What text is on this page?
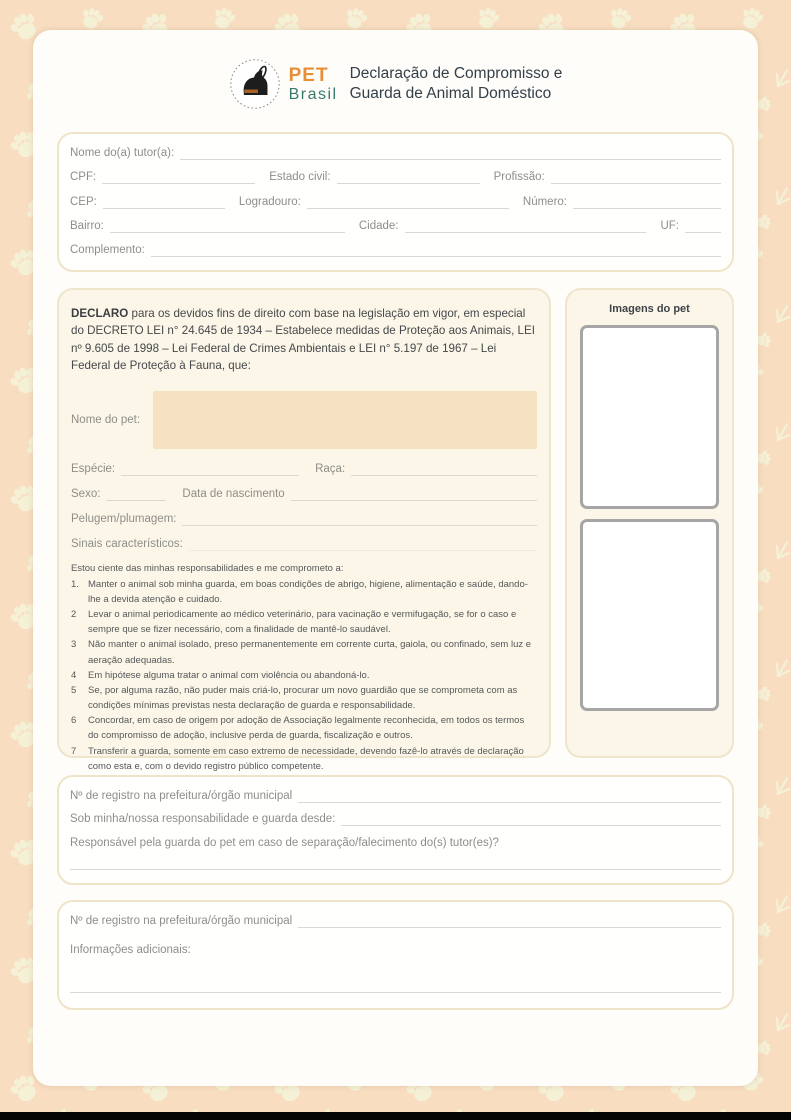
PET
Brasil
Declaração de Compromisso e
Guarda de Animal Doméstico
Nome do(a) tutor(a):
CPF:	Estado civil:	Profissão:
CEP:	Logradouro:	Número:
Bairro:	Cidade:	UF:
Complemento:

DECLARO para os devidos fins de direito com base na legislação em vigor, em especial do DECRETO LEI n° 24.645 de 1934 – Estabelece medidas de Proteção aos Animais, LEI nº 9.605 de 1998 – Lei Federal de Crimes Ambientais e LEI n° 5.197 de 1967 – Lei Federal de Proteção à Fauna, que:

Nome do pet:
Espécie:	Raça:
Sexo:	Data de nascimento
Pelugem/plumagem:
Sinais característicos:
Estou ciente das minhas responsabilidades e me comprometo a:
1. Manter o animal sob minha guarda, em boas condições de abrigo, higiene, alimentação e saúde, dando-lhe a devida atenção e cuidado.
2	Levar o animal periodicamente ao médico veterinário, para vacinação e vermifugação, se for o caso e sempre que se fizer necessário, com a finalidade de mantê-lo saudável.
3	Não manter o animal isolado, preso permanentemente em corrente curta, gaiola, ou confinado, sem luz e aeração adequadas.
4	Em hipótese alguma tratar o animal com violência ou abandoná-lo.
5	Se, por alguma razão, não puder mais criá-lo, procurar um novo guardião que se comprometa com as condições mínimas previstas nesta declaração de guarda e responsabilidade.
6	Concordar, em caso de origem por adoção de Associação legalmente reconhecida, em todos os termos do compromisso de adoção, inclusive perda de guarda, fiscalização e outros.
7	Transferir a guarda, somente em caso extremo de necessidade, devendo fazê-lo através de declaração como esta e, com o devido registro público competente.
Imagens do pet
Nº de registro na prefeitura/órgão municipal
Sob minha/nossa responsabilidade e guarda desde:
Responsável pela guarda do pet em caso de separação/falecimento do(s) tutor(es)?
Nº de registro na prefeitura/órgão municipal
Informações adicionais:
